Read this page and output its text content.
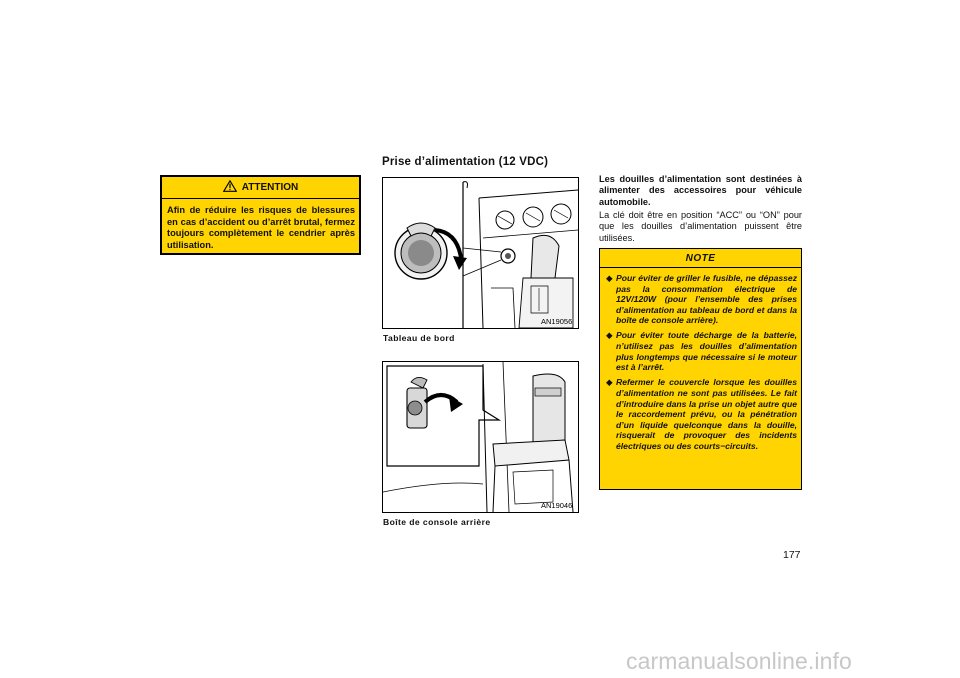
ATTENTION
Afin de réduire les risques de blessures en cas d’accident ou d’arrêt brutal, fermez toujours complètement le cendrier après utilisation.
Prise d’alimentation (12 VDC)
AN19056
Tableau de bord
AN19046
Boîte de console arrière
Les douilles d’alimentation sont destinées à alimenter des accessoires pour véhicule automobile.
La clé doit être en position “ACC” ou “ON” pour que les douilles d’alimentation puissent être utilisées.
NOTE
◆ Pour éviter de griller le fusible, ne dépassez pas la consommation électrique de 12V/120W (pour l’ensemble des prises d’alimentation au tableau de bord et dans la boîte de console arrière).
◆ Pour éviter toute décharge de la batterie, n’utilisez pas les douilles d’alimentation plus longtemps que nécessaire si le moteur est à l’arrêt.
◆ Refermer le couvercle lorsque les douilles d’alimentation ne sont pas utilisées. Le fait d’introduire dans la prise un objet autre que le raccordement prévu, ou la pénétration d’un liquide quelconque dans la douille, risquerait de provoquer des incidents électriques ou des courts−circuits.
177
carmanualsonline.info
